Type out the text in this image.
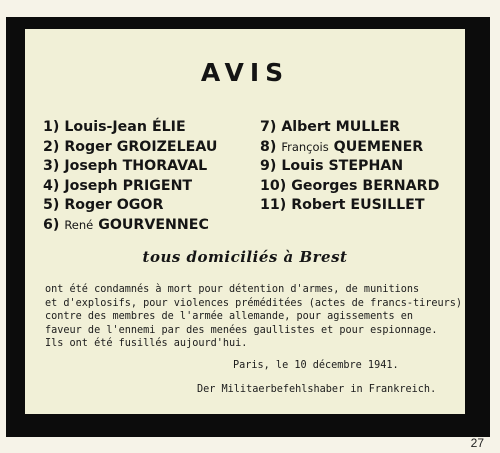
AVIS
1) Louis-Jean ÉLIE
2) Roger GROIZELEAU
3) Joseph THORAVAL
4) Joseph PRIGENT
5) Roger OGOR
6) René GOURVENNEC
7) Albert MULLER
8) François QUEMENER
9) Louis STEPHAN
10) Georges BERNARD
11) Robert EUSILLET
tous domiciliés à Brest
ont été condamnés à mort pour détention d'armes, de munitions
et d'explosifs, pour violences préméditées (actes de francs-tireurs)
contre des membres de l'armée allemande, pour agissements en
faveur de l'ennemi par des menées gaullistes et pour espionnage.
Ils ont été fusillés aujourd'hui.
Paris, le 10 décembre 1941.
Der Militaerbefehlshaber in Frankreich.
27
